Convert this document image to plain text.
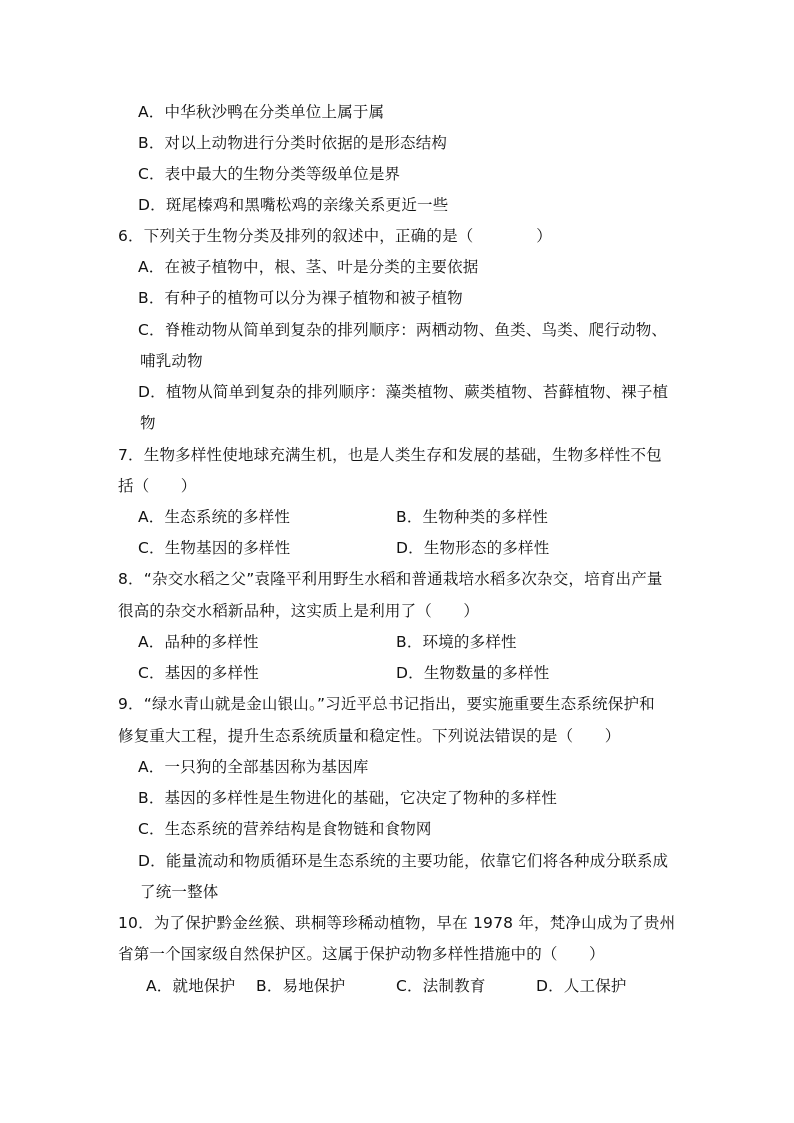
A．中华秋沙鸭在分类单位上属于属
B．对以上动物进行分类时依据的是形态结构
C．表中最大的生物分类等级单位是界
D．斑尾榛鸡和黑嘴松鸡的亲缘关系更近一些
6．下列关于生物分类及排列的叙述中，正确的是（　　　　）
A．在被子植物中，根、茎、叶是分类的主要依据
B．有种子的植物可以分为裸子植物和被子植物
C．脊椎动物从简单到复杂的排列顺序：两栖动物、鱼类、鸟类、爬行动物、
哺乳动物
D．植物从简单到复杂的排列顺序：藻类植物、蕨类植物、苔藓植物、裸子植
物
7．生物多样性使地球充满生机，也是人类生存和发展的基础，生物多样性不包
括（　　）
A．生态系统的多样性	B．生物种类的多样性
C．生物基因的多样性	D．生物形态的多样性
8．“杂交水稻之父”袁隆平利用野生水稻和普通栽培水稻多次杂交，培育出产量
很高的杂交水稻新品种，这实质上是利用了（　　）
A．品种的多样性	B．环境的多样性
C．基因的多样性	D．生物数量的多样性
9．“绿水青山就是金山银山。”习近平总书记指出，要实施重要生态系统保护和
修复重大工程，提升生态系统质量和稳定性。下列说法错误的是（　　）
A．一只狗的全部基因称为基因库
B．基因的多样性是生物进化的基础，它决定了物种的多样性
C．生态系统的营养结构是食物链和食物网
D．能量流动和物质循环是生态系统的主要功能，依靠它们将各种成分联系成
了统一整体
10．为了保护黔金丝猴、珙桐等珍稀动植物，早在 1978 年，梵净山成为了贵州
省第一个国家级自然保护区。这属于保护动物多样性措施中的（　　）
A．就地保护 B．易地保护	C．法制教育	D．人工保护
